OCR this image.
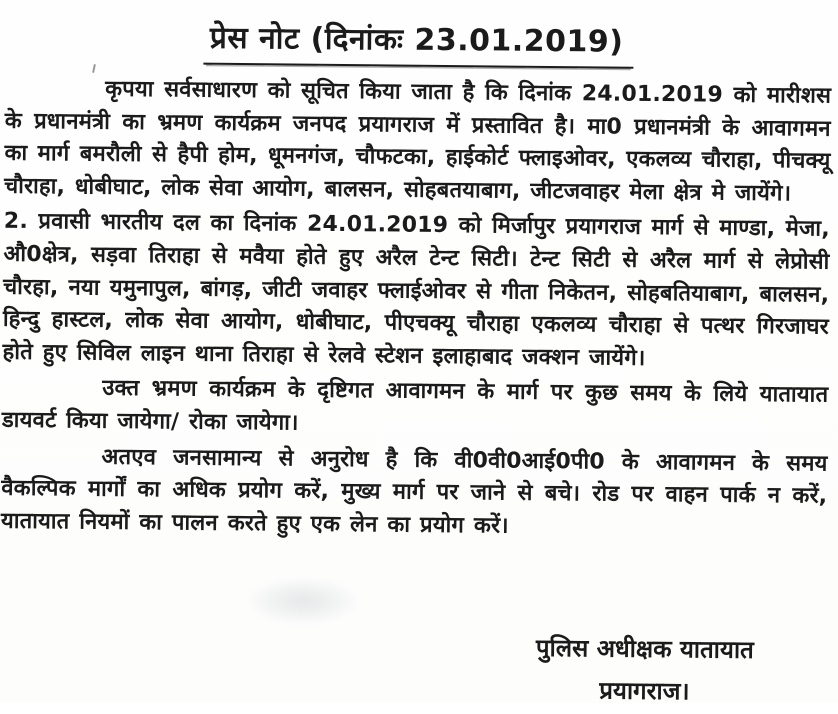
प्रेस नोट (दिनांकः 23.01.2019)

कृपया सर्वसाधारण को सूचित किया जाता है कि दिनांक 24.01.2019 को मारीशस के प्रधानमंत्री का भ्रमण कार्यक्रम जनपद प्रयागराज में प्रस्तावित है। मा0 प्रधानमंत्री के आवागमन का मार्ग बमरौली से हैपी होम, धूमनगंज, चौफटका, हाईकोर्ट फ्लाइओवर, एकलव्य चौराहा, पीचक्यू चौराहा, धोबीघाट, लोक सेवा आयोग, बालसन, सोहबतयाबाग, जीटजवाहर मेला क्षेत्र मे जायेंगे।

2. प्रवासी भारतीय दल का दिनांक 24.01.2019 को मिर्जापुर प्रयागराज मार्ग से माण्डा, मेजा, औ0क्षेत्र, सड़वा तिराहा से मवैया होते हुए अरैल टेन्ट सिटी। टेन्ट सिटी से अरैल मार्ग से लेप्रोसी चौरहा, नया यमुनापुल, बांगड़, जीटी जवाहर फ्लाईओवर से गीता निकेतन, सोहबतियाबाग, बालसन, हिन्दु हास्टल, लोक सेवा आयोग, धोबीघाट, पीएचक्यू चौराहा एकलव्य चौराहा से पत्थर गिरजाघर होते हुए सिविल लाइन थाना तिराहा से रेलवे स्टेशन इलाहाबाद जक्शन जायेंगे।

उक्त भ्रमण कार्यक्रम के दृष्टिगत आवागमन के मार्ग पर कुछ समय के लिये यातायात डायवर्ट किया जायेगा/ रोका जायेगा।

अतएव जनसामान्य से अनुरोध है कि वी0वी0आई0पी0 के आवागमन के समय वैकल्पिक मार्गों का अधिक प्रयोग करें, मुख्य मार्ग पर जाने से बचे। रोड पर वाहन पार्क न करें, यातायात नियमों का पालन करते हुए एक लेन का प्रयोग करें।

पुलिस अधीक्षक यातायात
प्रयागराज।
